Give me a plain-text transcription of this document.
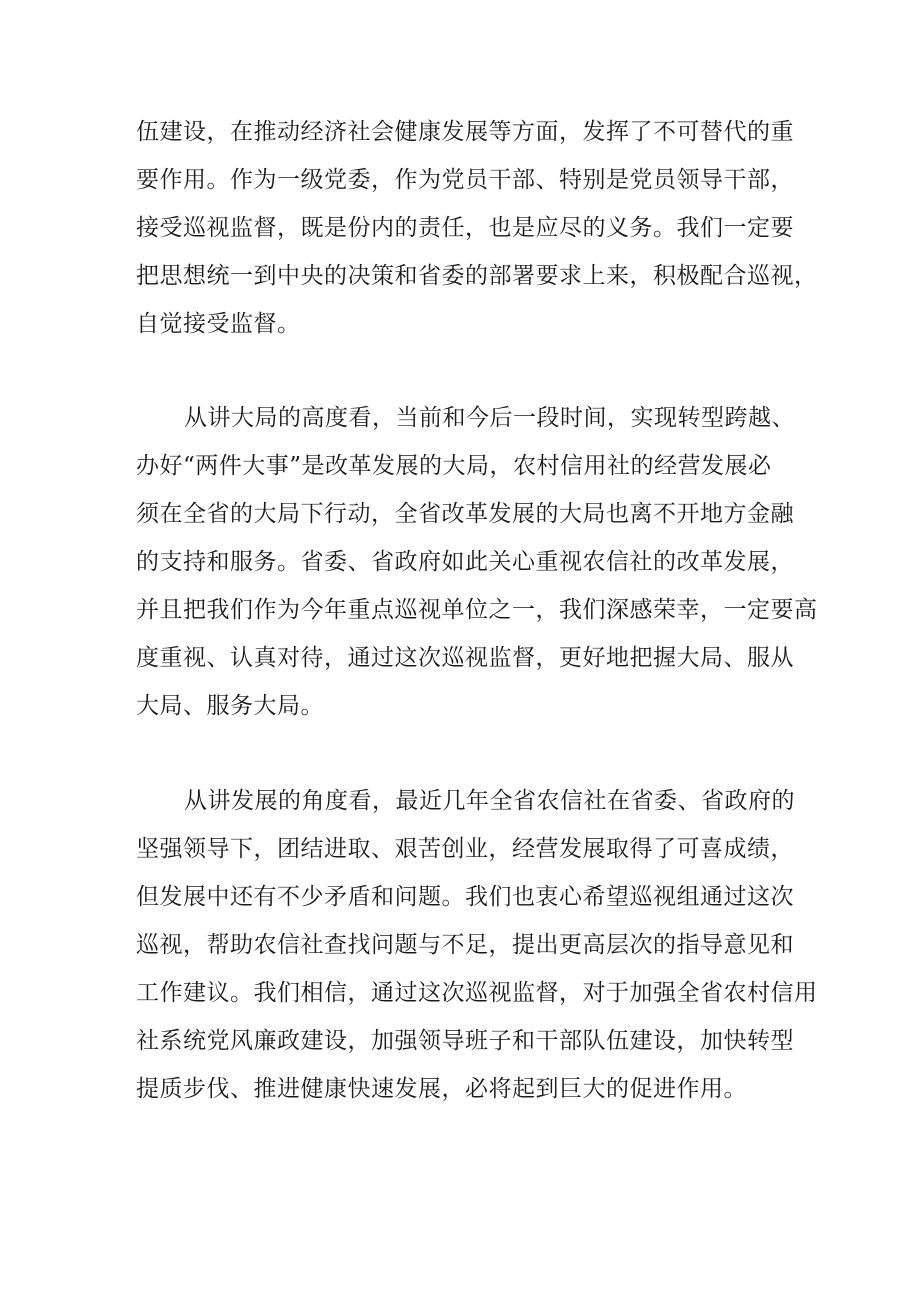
伍建设，在推动经济社会健康发展等方面，发挥了不可替代的重
要作用。作为一级党委，作为党员干部、特别是党员领导干部，
接受巡视监督，既是份内的责任，也是应尽的义务。我们一定要
把思想统一到中央的决策和省委的部署要求上来，积极配合巡视，
自觉接受监督。
从讲大局的高度看，当前和今后一段时间，实现转型跨越、
办好“两件大事”是改革发展的大局，农村信用社的经营发展必
须在全省的大局下行动，全省改革发展的大局也离不开地方金融
的支持和服务。省委、省政府如此关心重视农信社的改革发展，
并且把我们作为今年重点巡视单位之一，我们深感荣幸，一定要高
度重视、认真对待，通过这次巡视监督，更好地把握大局、服从
大局、服务大局。
从讲发展的角度看，最近几年全省农信社在省委、省政府的
坚强领导下，团结进取、艰苦创业，经营发展取得了可喜成绩，
但发展中还有不少矛盾和问题。我们也衷心希望巡视组通过这次
巡视，帮助农信社查找问题与不足，提出更高层次的指导意见和
工作建议。我们相信，通过这次巡视监督，对于加强全省农村信用
社系统党风廉政建设，加强领导班子和干部队伍建设，加快转型
提质步伐、推进健康快速发展，必将起到巨大的促进作用。
